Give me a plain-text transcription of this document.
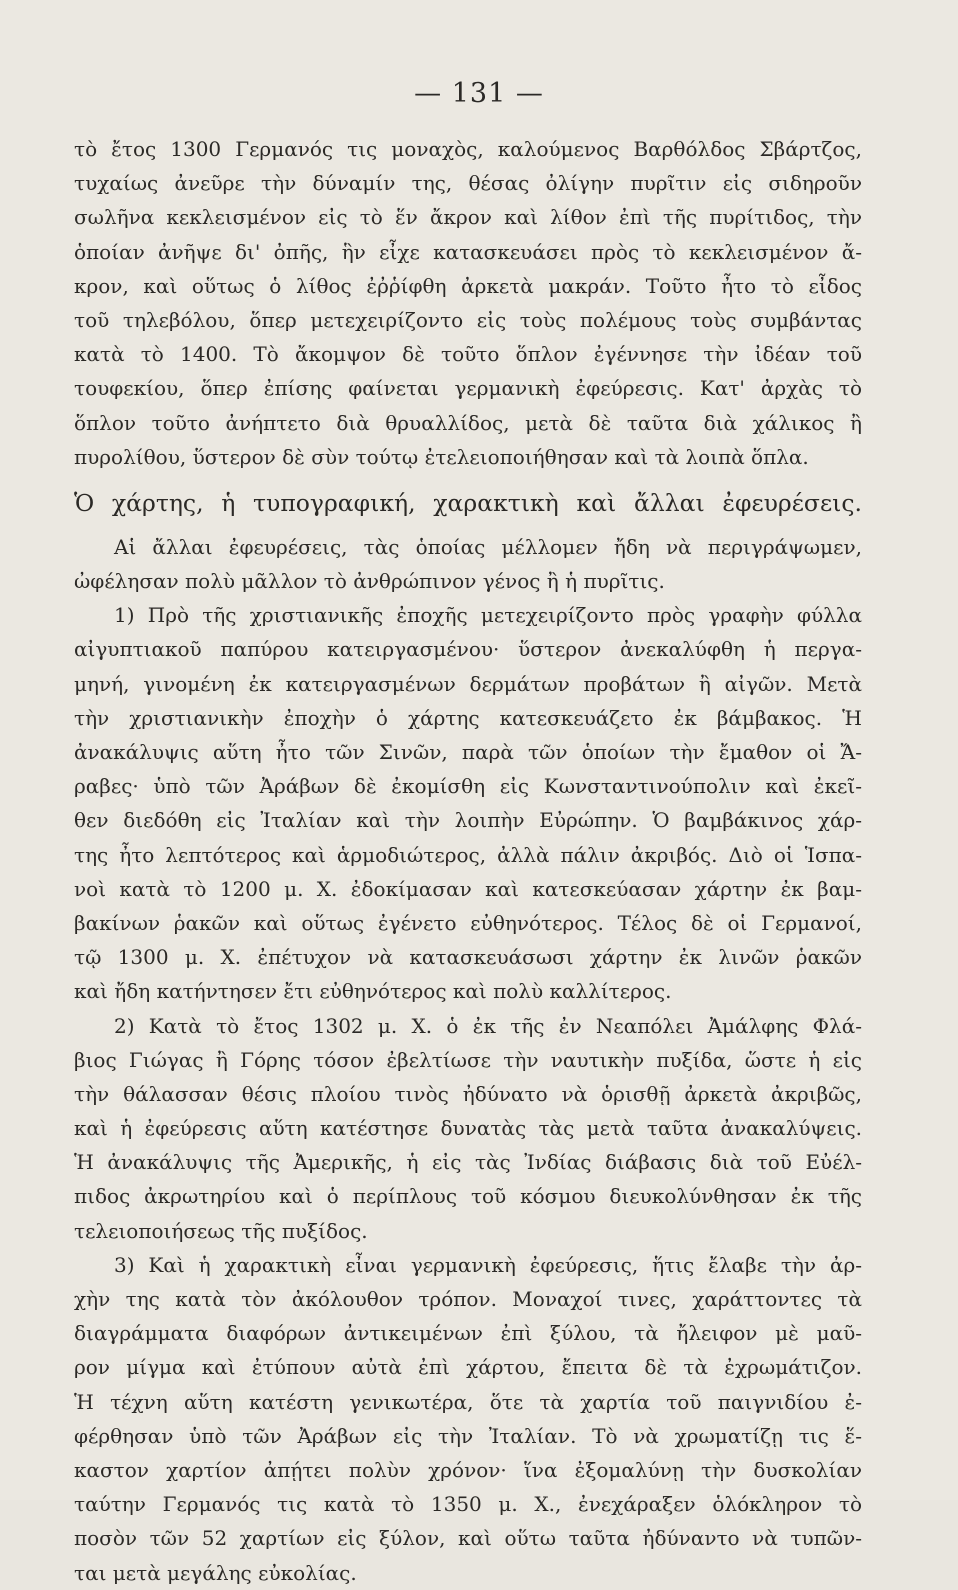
— 131 —
τὸ ἔτος 1300 Γερμανός τις μοναχὸς, καλούμενος Βαρθόλδος Σβάρτζος,
τυχαίως ἀνεῦρε τὴν δύναμίν της, θέσας ὀλίγην πυρῖτιν εἰς σιδηροῦν
σωλῆνα κεκλεισμένον εἰς τὸ ἕν ἄκρον καὶ λίθον ἐπὶ τῆς πυρίτιδος, τὴν
ὁποίαν ἀνῆψε δι' ὀπῆς, ἣν εἶχε κατασκευάσει πρὸς τὸ κεκλεισμένον ἄ-
κρον, καὶ οὕτως ὁ λίθος ἐῤῥίφθη ἀρκετὰ μακράν. Τοῦτο ἦτο τὸ εἶδος
τοῦ τηλεβόλου, ὅπερ μετεχειρίζοντο εἰς τοὺς πολέμους τοὺς συμβάντας
κατὰ τὸ 1400. Τὸ ἄκομψον δὲ τοῦτο ὅπλον ἐγέννησε τὴν ἰδέαν τοῦ
τουφεκίου, ὅπερ ἐπίσης φαίνεται γερμανικὴ ἐφεύρεσις. Κατ' ἀρχὰς τὸ
ὅπλον τοῦτο ἀνήπτετο διὰ θρυαλλίδος, μετὰ δὲ ταῦτα διὰ χάλικος ἢ
πυρολίθου, ὕστερον δὲ σὺν τούτῳ ἐτελειοποιήθησαν καὶ τὰ λοιπὰ ὅπλα.
Ὁ χάρτης, ἡ τυπογραφική, χαρακτικὴ καὶ ἄλλαι ἐφευρέσεις.
Αἱ ἄλλαι ἐφευρέσεις, τὰς ὁποίας μέλλομεν ἤδη νὰ περιγράψωμεν,
ὠφέλησαν πολὺ μᾶλλον τὸ ἀνθρώπινον γένος ἢ ἡ πυρῖτις.
1) Πρὸ τῆς χριστιανικῆς ἐποχῆς μετεχειρίζοντο πρὸς γραφὴν φύλλα
αἰγυπτιακοῦ παπύρου κατειργασμένου· ὕστερον ἀνεκαλύφθη ἡ περγα-
μηνή, γινομένη ἐκ κατειργασμένων δερμάτων προβάτων ἢ αἰγῶν. Μετὰ
τὴν χριστιανικὴν ἐποχὴν ὁ χάρτης κατεσκευάζετο ἐκ βάμβακος. Ἡ
ἀνακάλυψις αὕτη ἦτο τῶν Σινῶν, παρὰ τῶν ὁποίων τὴν ἔμαθον οἱ Ἄ-
ραβες· ὑπὸ τῶν Ἀράβων δὲ ἐκομίσθη εἰς Κωνσταντινούπολιν καὶ ἐκεῖ-
θεν διεδόθη εἰς Ἰταλίαν καὶ τὴν λοιπὴν Εὐρώπην. Ὁ βαμβάκινος χάρ-
της ἦτο λεπτότερος καὶ ἁρμοδιώτερος, ἀλλὰ πάλιν ἀκριβός. Διὸ οἱ Ἱσπα-
νοὶ κατὰ τὸ 1200 μ. Χ. ἐδοκίμασαν καὶ κατεσκεύασαν χάρτην ἐκ βαμ-
βακίνων ῥακῶν καὶ οὕτως ἐγένετο εὐθηνότερος. Τέλος δὲ οἱ Γερμανοί,
τῷ 1300 μ. Χ. ἐπέτυχον νὰ κατασκευάσωσι χάρτην ἐκ λινῶν ῥακῶν
καὶ ἤδη κατήντησεν ἔτι εὐθηνότερος καὶ πολὺ καλλίτερος.
2) Κατὰ τὸ ἔτος 1302 μ. Χ. ὁ ἐκ τῆς ἐν Νεαπόλει Ἀμάλφης Φλά-
βιος Γιώγας ἢ Γόρης τόσον ἐβελτίωσε τὴν ναυτικὴν πυξίδα, ὥστε ἡ εἰς
τὴν θάλασσαν θέσις πλοίου τινὸς ἠδύνατο νὰ ὁρισθῇ ἀρκετὰ ἀκριβῶς,
καὶ ἡ ἐφεύρεσις αὕτη κατέστησε δυνατὰς τὰς μετὰ ταῦτα ἀνακαλύψεις.
Ἡ ἀνακάλυψις τῆς Ἀμερικῆς, ἡ εἰς τὰς Ἰνδίας διάβασις διὰ τοῦ Εὐέλ-
πιδος ἀκρωτηρίου καὶ ὁ περίπλους τοῦ κόσμου διευκολύνθησαν ἐκ τῆς
τελειοποιήσεως τῆς πυξίδος.
3) Καὶ ἡ χαρακτικὴ εἶναι γερμανικὴ ἐφεύρεσις, ἥτις ἔλαβε τὴν ἀρ-
χὴν της κατὰ τὸν ἀκόλουθον τρόπον. Μοναχοί τινες, χαράττοντες τὰ
διαγράμματα διαφόρων ἀντικειμένων ἐπὶ ξύλου, τὰ ἤλειφον μὲ μαῦ-
ρον μίγμα καὶ ἐτύπουν αὐτὰ ἐπὶ χάρτου, ἔπειτα δὲ τὰ ἐχρωμάτιζον.
Ἡ τέχνη αὕτη κατέστη γενικωτέρα, ὅτε τὰ χαρτία τοῦ παιγνιδίου ἐ-
φέρθησαν ὑπὸ τῶν Ἀράβων εἰς τὴν Ἰταλίαν. Τὸ νὰ χρωματίζῃ τις ἕ-
καστον χαρτίον ἀπῄτει πολὺν χρόνον· ἵνα ἐξομαλύνῃ τὴν δυσκολίαν
ταύτην Γερμανός τις κατὰ τὸ 1350 μ. Χ., ἐνεχάραξεν ὁλόκληρον τὸ
ποσὸν τῶν 52 χαρτίων εἰς ξύλον, καὶ οὕτω ταῦτα ἠδύναντο νὰ τυπῶν-
ται μετὰ μεγάλης εὐκολίας.
